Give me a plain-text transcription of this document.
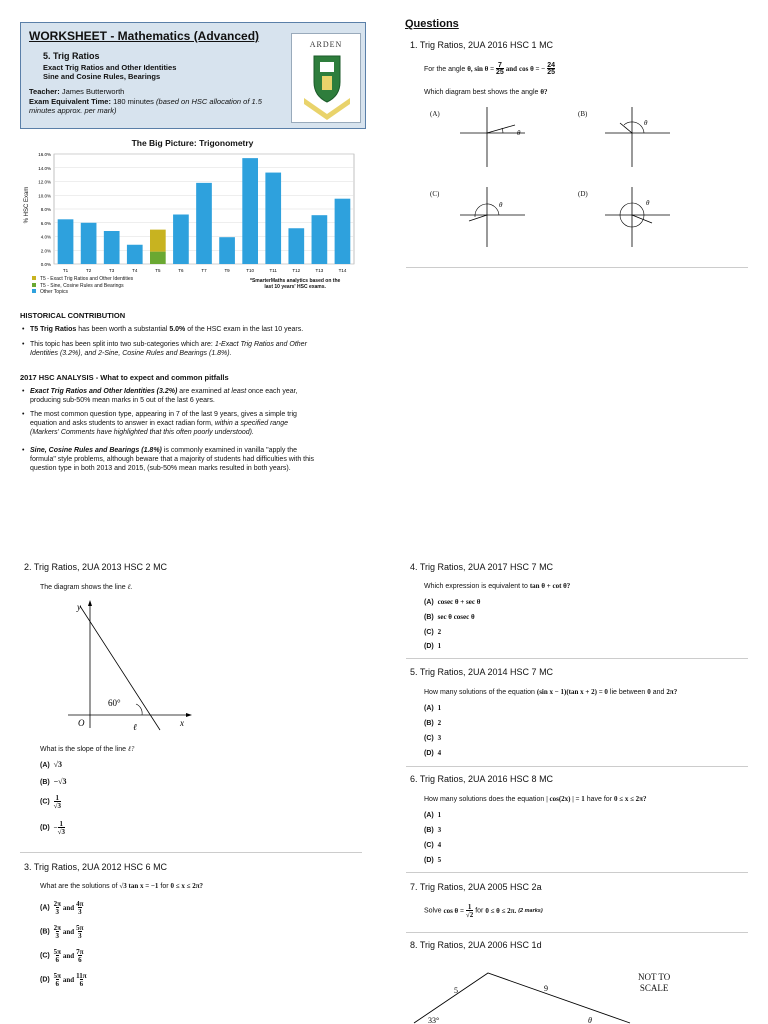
WORKSHEET - Mathematics (Advanced)
5. Trig Ratios
Exact Trig Ratios and Other Identities
Sine and Cosine Rules, Bearings
Teacher: James Butterworth
Exam Equivalent Time: 180 minutes (based on HSC allocation of 1.5
minutes approx. per mark)
ARDEN
The Big Picture: Trigonometry
% HSC Exam
0.0%
2.0%
4.0%
6.0%
8.0%
10.0%
12.0%
14.0%
16.0%
T1	T2	T3	T4	T5	T6	T7	T9	T10	T11	T12	T13	T14
T5 - Exact Trig Ratios and Other Identities
T5 - Sine, Cosine Rules and Bearings
Other Topics
*SmarterMaths analytics based on the
last 10 years' HSC exams.
HISTORICAL CONTRIBUTION
• T5 Trig Ratios has been worth a substantial 5.0% of the HSC exam in the last 10 years.
• This topic has been split into two sub-categories which are: 1-Exact Trig Ratios and Other
Identities (3.2%), and 2-Sine, Cosine Rules and Bearings (1.8%).
2017 HSC ANALYSIS - What to expect and common pitfalls
• Exact Trig Ratios and Other Identities (3.2%) are examined at least once each year,
producing sub-50% mean marks in 5 out of the last 6 years.
• The most common question type, appearing in 7 of the last 9 years, gives a simple trig
equation and asks students to answer in exact radian form, within a specified range
(Markers' Comments have highlighted that this often poorly understood).
• Sine, Cosine Rules and Bearings (1.8%) is commonly examined in vanilla "apply the
formula" style problems, although beware that a majority of students had difficulties with this
question type in both 2013 and 2015, (sub-50% mean marks resulted in both years).
Questions
1. Trig Ratios, 2UA 2016 HSC 1 MC
For the angle θ, $\sin \theta = \frac{7}{25}$ and cos θ = − $\frac{24}{25}$
Which diagram best shows the angle θ?
(A)	(B)
(C)	(D)
θ
θ
θ	θ
2. Trig Ratios, 2UA 2013 HSC 2 MC
The diagram shows the line ℓ.
y
x
O
60°
ℓ
What is the slope of the line ℓ?
(A) √3
(B) −√3
$(C) \frac{1}{√3}$
$(D) -\frac{1}{√3}$
3. Trig Ratios, 2UA 2012 HSC 6 MC
What are the solutions of √3 tan x = −1 for 0 ≤ x ≤ 2π?
$(A) \frac{2\pi}{3}$ and $\frac{4\pi}{3}$
$(B) \frac{2\pi}{3}$ and $\frac{5\pi}{3}$
$(C) \frac{5\pi}{6}$ and $\frac{7\pi}{6}$
$(D) \frac{5\pi}{6}$ and $\frac{11\pi}{6}$
4. Trig Ratios, 2UA 2017 HSC 7 MC
Which expression is equivalent to tan θ + cot θ?
(A) cosec θ + sec θ
(B) sec θ cosec θ
(C) 2
(D) 1
5. Trig Ratios, 2UA 2014 HSC 7 MC
How many solutions of the equation (sin x − 1)(tan x + 2) = 0 lie between 0 and 2π?
(A) 1
(B) 2
(C) 3
(D) 4
6. Trig Ratios, 2UA 2016 HSC 8 MC
How many solutions does the equation | cos(2x) | = 1 have for 0 ≤ x ≤ 2π?
(A) 1
(B) 3
(C) 4
(D) 5
7. Trig Ratios, 2UA 2005 HSC 2a
Solve $\cos \theta = \frac{1}{√2}$ for 0 ≤ θ ≤ 2π. (2 marks)
8. Trig Ratios, 2UA 2006 HSC 1d
NOT TO
SCALE
5	9
33°	θ
